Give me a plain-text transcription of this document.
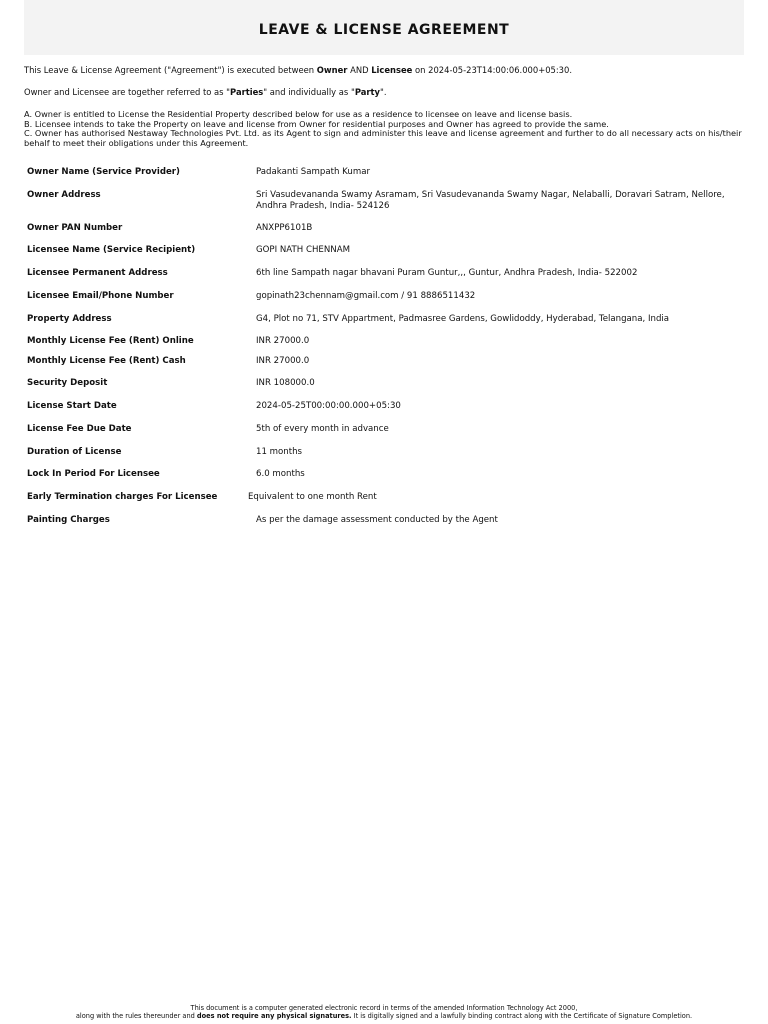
LEAVE & LICENSE AGREEMENT
This Leave & License Agreement ("Agreement") is executed between Owner AND Licensee on 2024-05-23T14:00:06.000+05:30.
Owner and Licensee are together referred to as "Parties" and individually as "Party".

A. Owner is entitled to License the Residential Property described below for use as a residence to licensee on leave and license basis.

B. Licensee intends to take the Property on leave and license from Owner for residential purposes and Owner has agreed to provide the same.

C. Owner has authorised Nestaway Technologies Pvt. Ltd. as its Agent to sign and administer this leave and license agreement and further to do all necessary acts on his/their behalf to meet their obligations under this Agreement.

Owner Name (Service Provider)	Padakanti Sampath Kumar
Owner Address	Sri Vasudevananda Swamy Asramam, Sri Vasudevananda Swamy Nagar, Nelaballi, Doravari Satram, Nellore, Andhra Pradesh, India- 524126
Owner PAN Number	ANXPP6101B
Licensee Name (Service Recipient)	GOPI NATH CHENNAM
Licensee Permanent Address	6th line Sampath nagar bhavani Puram Guntur,,, Guntur, Andhra Pradesh, India- 522002
Licensee Email/Phone Number	gopinath23chennam@gmail.com / 91 8886511432
Property Address	G4, Plot no 71, STV Appartment, Padmasree Gardens, Gowlidoddy, Hyderabad, Telangana, India
Monthly License Fee (Rent) Online	INR 27000.0
Monthly License Fee (Rent) Cash	INR 27000.0
Security Deposit	INR 108000.0
License Start Date	2024-05-25T00:00:00.000+05:30
License Fee Due Date	5th of every month in advance
Duration of License	11 months
Lock In Period For Licensee	6.0 months
Early Termination charges For Licensee	Equivalent to one month Rent
Painting Charges	As per the damage assessment conducted by the Agent
This document is a computer generated electronic record in terms of the amended Information Technology Act 2000,
along with the rules thereunder and does not require any physical signatures. It is digitally signed and a lawfully binding contract along with the Certificate of Signature Completion.
